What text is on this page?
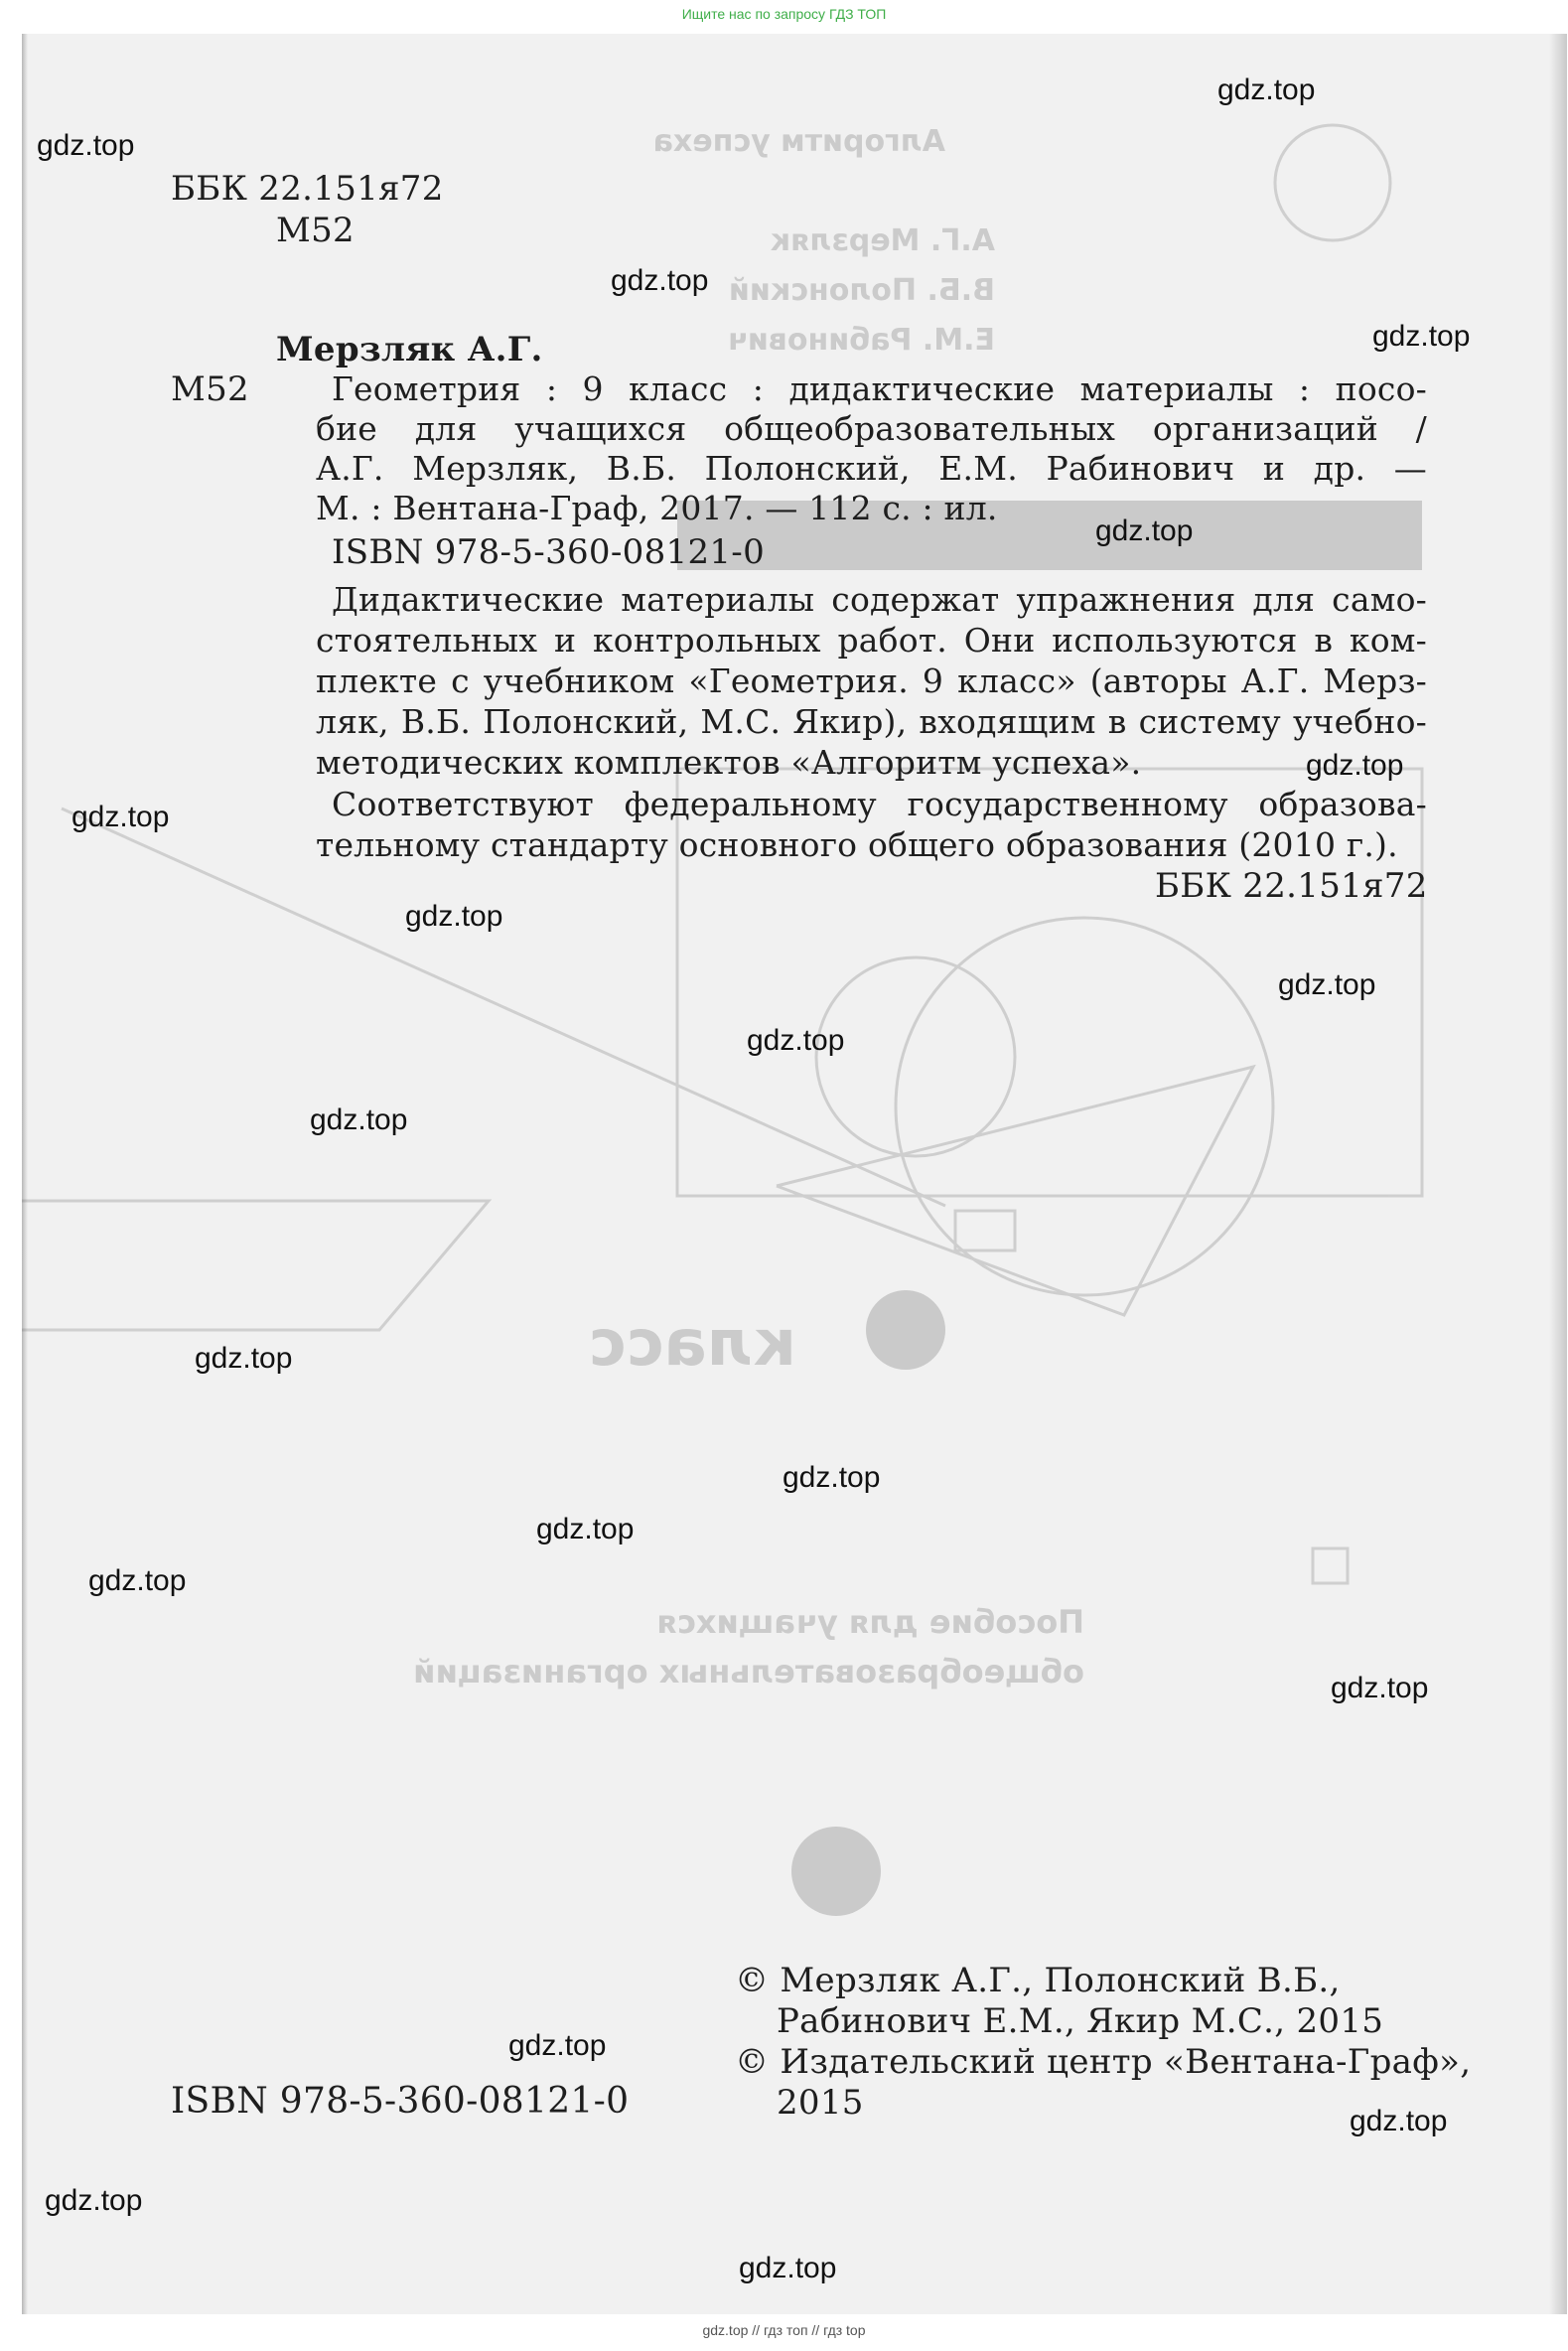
Ищите нас по запросу ГДЗ ТОП
Алгоритм успеха
А.Г. Мерзляк
В.Б. Полонский
Е.М. Рабинович
класс
Пособие для учащихся
общеобразовательных организаций
ББК 22.151я72
М52
Мерзляк А.Г.
М52	Геометрия : 9 класс : дидактические материалы : посо-
бие для учащихся общеобразовательных организаций /
А.Г. Мерзляк, В.Б. Полонский, Е.М. Рабинович и др. —
М. : Вентана-Граф, 2017. — 112 с. : ил.
ISBN 978-5-360-08121-0
Дидактические материалы содержат упражнения для само-
стоятельных и контрольных работ. Они используются в ком-
плекте с учебником «Геометрия. 9 класс» (авторы А.Г. Мерз-
ляк, В.Б. Полонский, М.С. Якир), входящим в систему учебно-
методических комплектов «Алгоритм успеха».
Соответствуют федеральному государственному образова-
тельному стандарту основного общего образования (2010 г.).
ББК 22.151я72
ISBN 978-5-360-08121-0
© Мерзляк А.Г., Полонский В.Б.,
Рабинович Е.М., Якир М.С., 2015
© Издательский центр «Вентана-Граф»,
2015
gdz.top
gdz.top
gdz.top
gdz.top
gdz.top
gdz.top
gdz.top
gdz.top
gdz.top
gdz.top
gdz.top
gdz.top
gdz.top
gdz.top
gdz.top
gdz.top
gdz.top
gdz.top
gdz.top
gdz.top
gdz.top // гдз топ // гдз top
